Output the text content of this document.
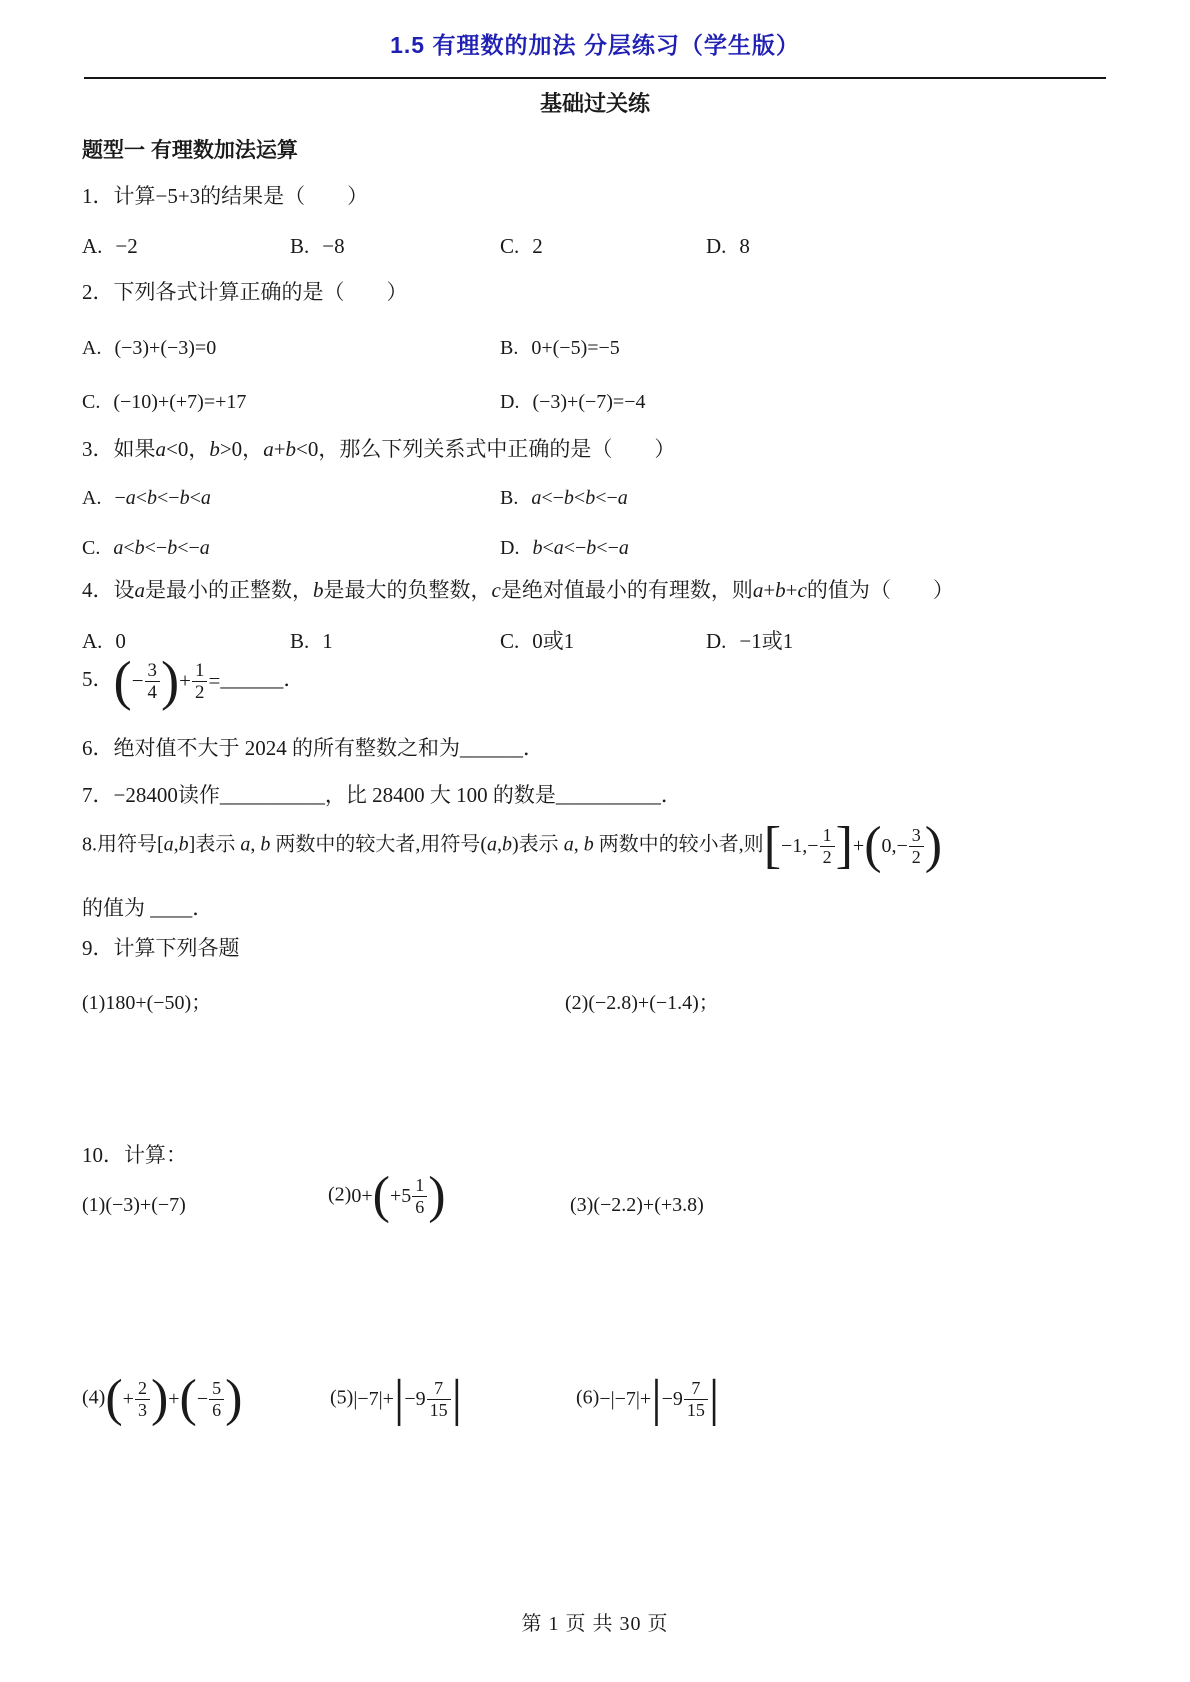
1.5 有理数的加法 分层练习（学生版）
基础过关练
题型一 有理数加法运算
1．计算−5+3的结果是（　　）
A. −2	B. −8	C. 2	D. 8
2．下列各式计算正确的是（　　）
A. (−3)+(−3)=0	B. 0+(−5)=−5
C. (−10)+(+7)=+17	D. (−3)+(−7)=−4
3．如果a<0，b>0，a+b<0，那么下列关系式中正确的是（　　）
A. −a<b<−b<a	B. a<−b<b<−a
C. a<b<−b<−a	D. b<a<−b<−a
4．设a是最小的正整数，b是最大的负整数，c是绝对值最小的有理数，则a+b+c的值为（　　）
A. 0	B. 1	C. 0或1	D. −1或1
5．(− $\frac{3}{4}$ )+ $\frac{1}{2}$ =______．
6．绝对值不大于 2024 的所有整数之和为______．
7．−28400读作__________，比 28400 大 100 的数是__________．
8.用符号[a,b]表示 a, b 两数中的较大者,用符号(a,b)表示 a, b 两数中的较小者,则$[-1,- \frac{1}{2} ]+(0,- \frac{3}{2}$ )
的值为 ____．
9．计算下列各题
(1)180+(−50)；	(2)(−2.8)+(−1.4)；
10．计算：
(1)(−3)+(−7)	$(2)0+(+5 \frac{1}{6}$ )	(3)(−2.2)+(+3.8)
$(4)(+ \frac{2}{3}$ )+(− $\frac{5}{6}$ )	$(5)|-7|+|-9 \frac{7}{15}$ |	$(6)-|-7|+|-9 \frac{7}{15}$ |
第 1 页 共 30 页
